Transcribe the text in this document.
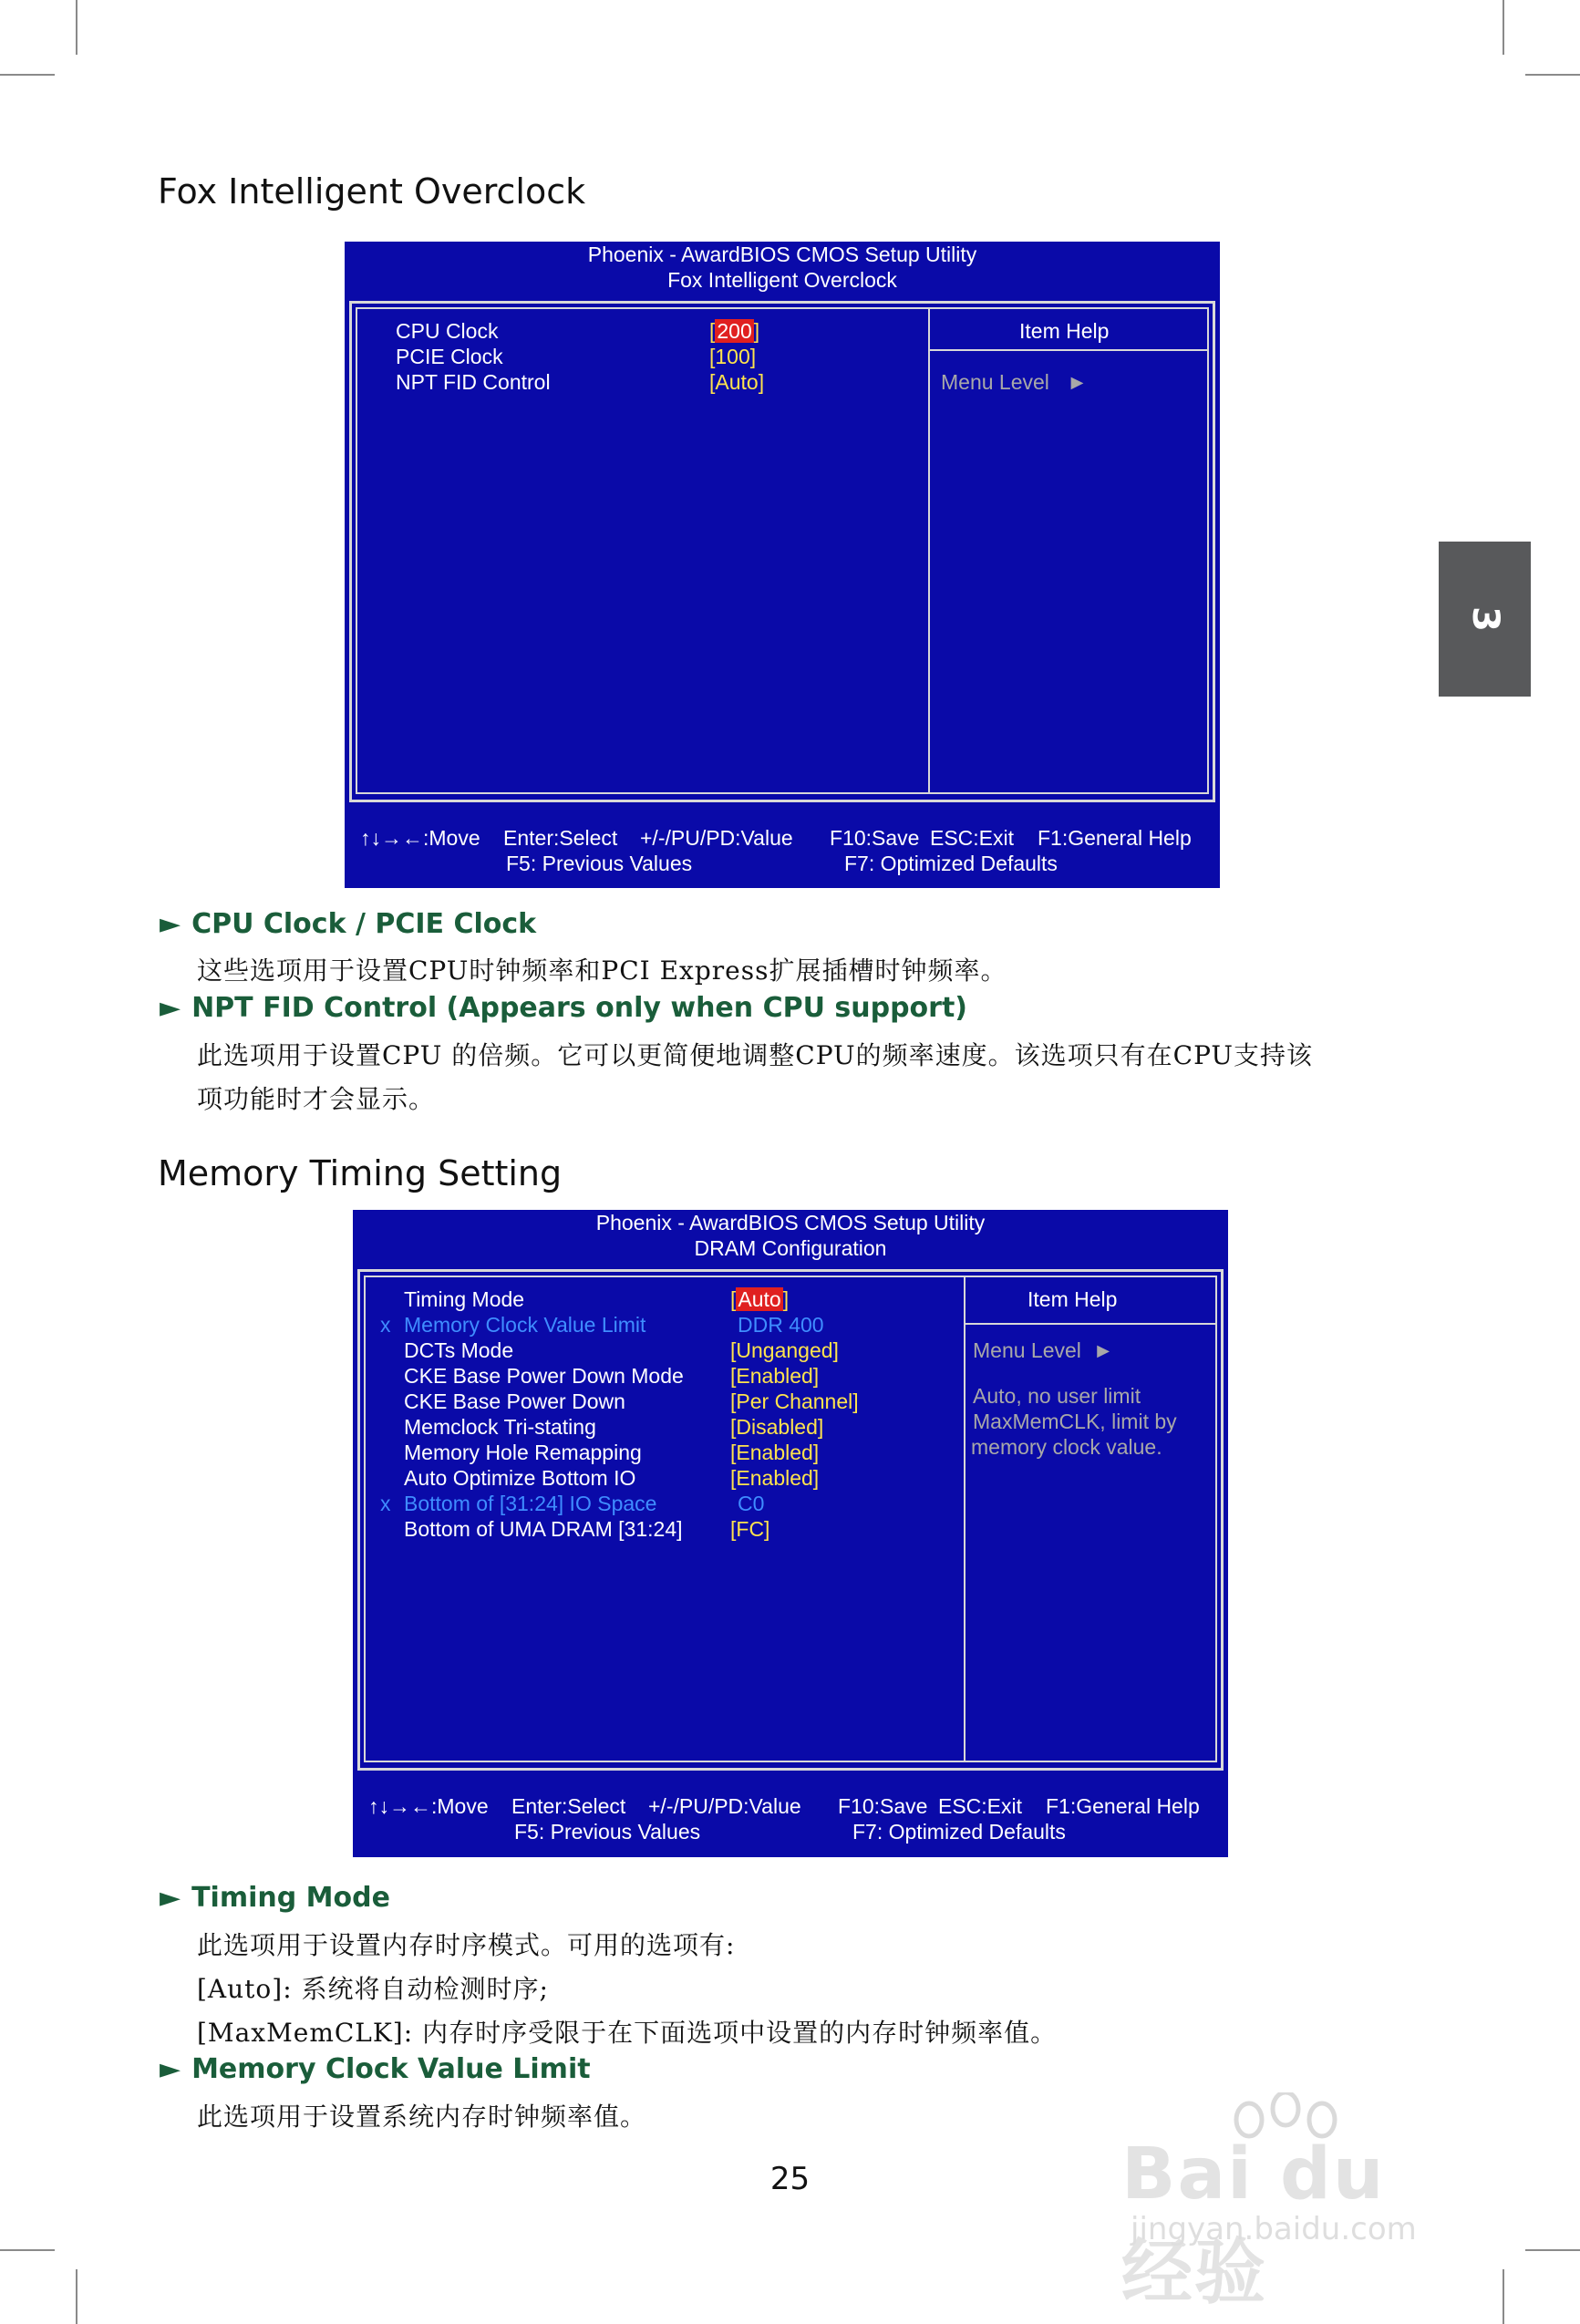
3
Fox Intelligent Overclock
Phoenix - AwardBIOS CMOS Setup Utility
Fox Intelligent Overclock
CPU Clock	[200]
PCIE Clock	[100]
NPT FID Control	[Auto]
Item Help
Menu Level ►
↑↓→←:Move Enter:Select +/-/PU/PD:Value F10:Save ESC:Exit F1:General Help
F5: Previous Values	F7: Optimized Defaults
► CPU Clock / PCIE Clock
这些选项用于设置CPU时钟频率和PCI Express扩展插槽时钟频率。
► NPT FID Control (Appears only when CPU support)
此选项用于设置CPU 的倍频。它可以更简便地调整CPU的频率速度。该选项只有在CPU支持该
项功能时才会显示。
Memory Timing Setting
Phoenix - AwardBIOS CMOS Setup Utility
DRAM Configuration
Timing Mode	[Auto]
x Memory Clock Value Limit	DDR 400
DCTs Mode	[Unganged]
CKE Base Power Down Mode [Enabled]
CKE Base Power Down	[Per Channel]
Memclock Tri-stating	[Disabled]
Memory Hole Remapping	[Enabled]
Auto Optimize Bottom IO	[Enabled]
x Bottom of [31:24] IO Space	C0
Bottom of UMA DRAM [31:24] [FC]
Item Help
Menu Level ►
Auto, no user limit
MaxMemCLK, limit by
memory clock value.
↑↓→←:Move Enter:Select +/-/PU/PD:Value F10:Save ESC:Exit F1:General Help
F5: Previous Values	F7: Optimized Defaults
► Timing Mode
此选项用于设置内存时序模式。可用的选项有:
[Auto]: 系统将自动检测时序;
[MaxMemCLK]: 内存时序受限于在下面选项中设置的内存时钟频率值。
► Memory Clock Value Limit
此选项用于设置系统内存时钟频率值。
25	Bai du 经验
jingyan.baidu.com
